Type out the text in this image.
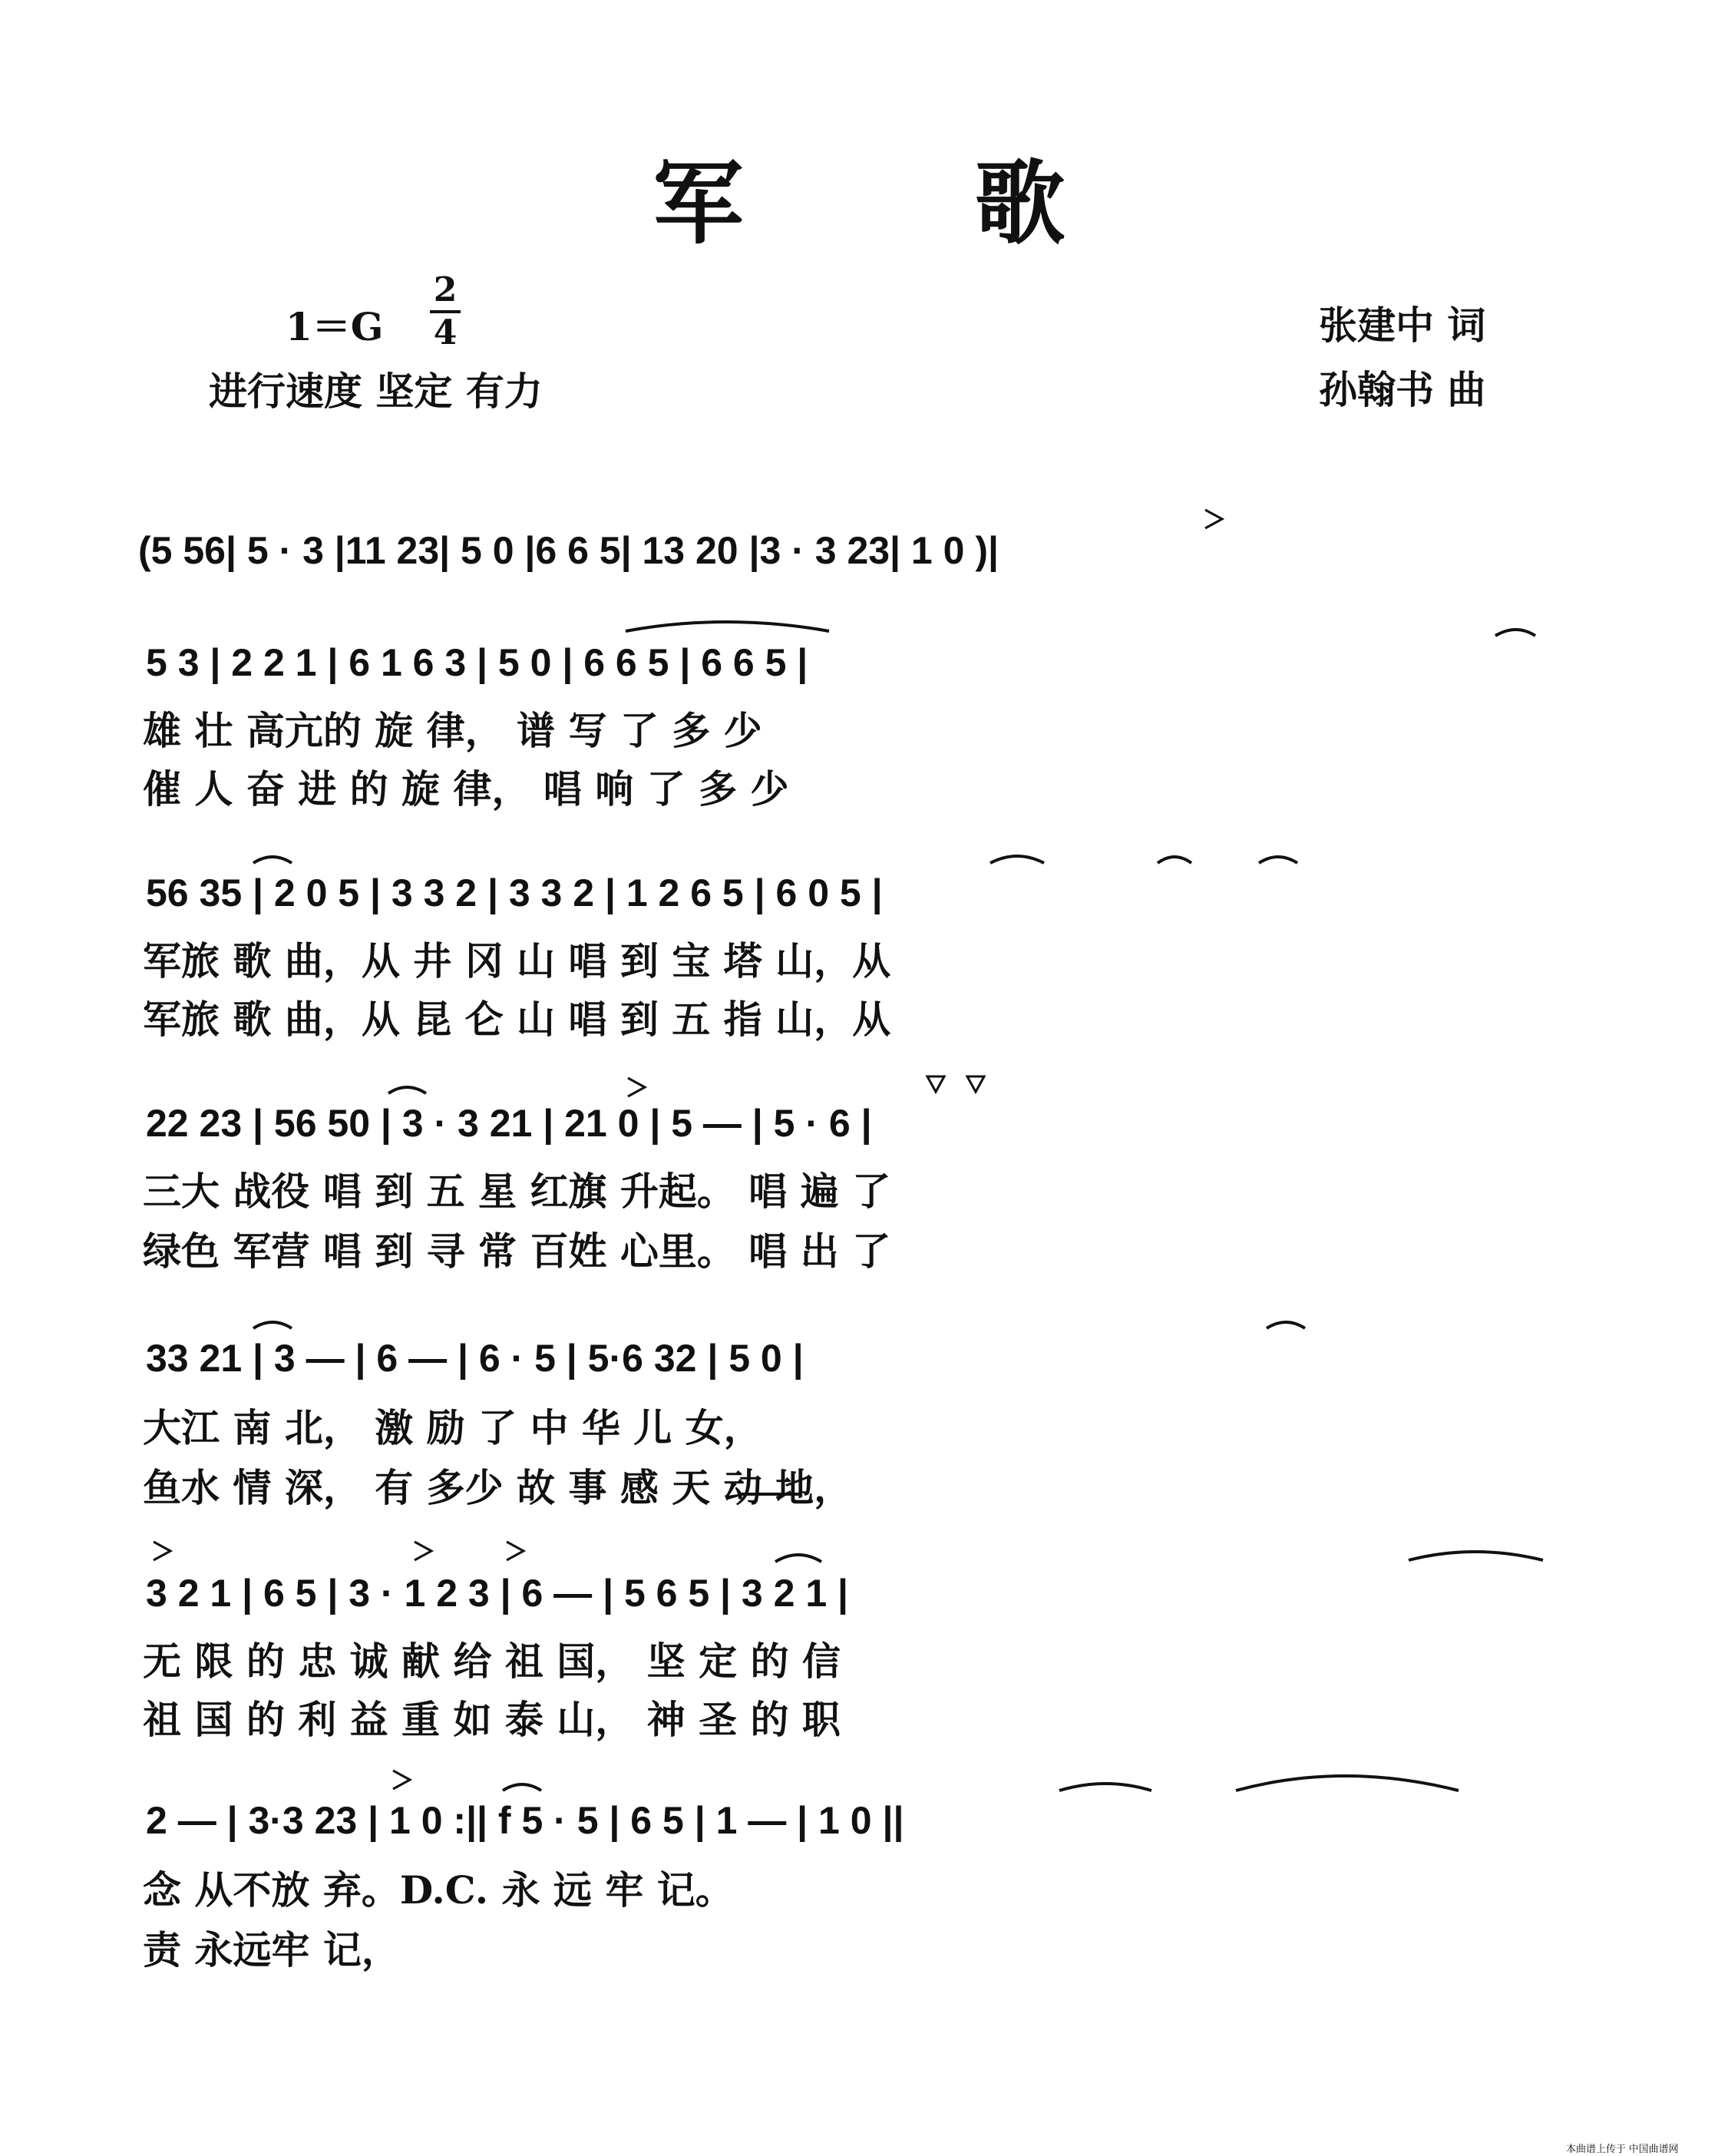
军 歌
1＝G
2
4
进行速度 坚定 有力
张建中 词
孙翰书 曲
(5 56| 5 · 3 |11 23| 5 0 |6 6 5| 13 20 |3 · 3 23| 1 0 )|
5 3 | 2 2 1 | 6 1 6 3 | 5 0 | 6 6 5 | 6 6 5 |
雄 壮 高亢的 旋 律， 谱 写 了 多 少
催 人 奋 进 的 旋 律， 唱 响 了 多 少
56 35 | 2 0 5 | 3 3 2 | 3 3 2 | 1 2 6 5 | 6 0 5 |
军旅 歌 曲，从 井 冈 山 唱 到 宝 塔 山，从
军旅 歌 曲，从 昆 仑 山 唱 到 五 指 山，从
22 23 | 56 50 | 3 · 3 21 | 21 0 | 5 — | 5 · 6 |
三大 战役 唱 到 五 星 红旗 升起。 唱 遍 了
绿色 军营 唱 到 寻 常 百姓 心里。 唱 出 了
33 21 | 3 — | 6 — | 6 · 5 | 5·6 32 | 5 0 |
大江 南 北， 激 励 了 中 华 儿 女，
鱼水 情 深， 有 多少 故 事 感 天 动 地，
3 2 1 | 6 5 | 3 · 1 2 3 | 6 — | 5 6 5 | 3 2 1 |
无 限 的 忠 诚 献 给 祖 国， 坚 定 的 信
祖 国 的 利 益 重 如 泰 山， 神 圣 的 职
2 — | 3·3 23 | 1 0 :|| f 5 · 5 | 6 5 | 1 — | 1 0 ||
念 从不放 弃。D.C. 永 远 牢 记。
责 永远牢 记，
本曲谱上传于 中国曲谱网
